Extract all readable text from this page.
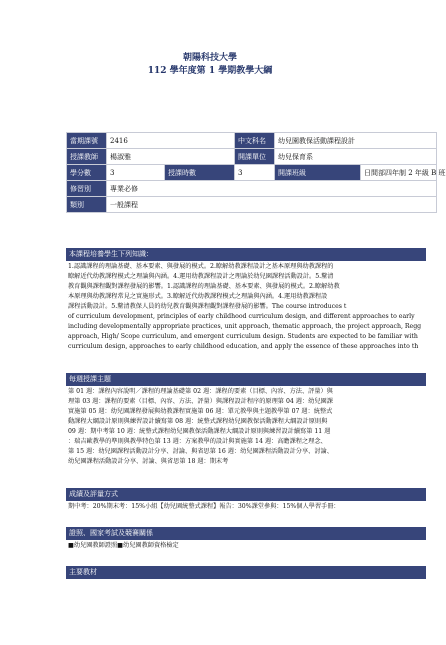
朝陽科技大學
112 學年度第 1 學期教學大綱
當期課號	2416		中文科名	幼兒園教保活動課程設計	
授課教師	楊淑雅		開課單位	幼兒保育系	
學分數	3	授課時數	3	開課班級	日間部四年制 2 年級 B 班
修習別	專業必修				
類別	一般課程				
本課程培養學生下列知識：
1.認識課程的理論基礎、基本要素、與發展的模式。2.瞭解幼教課程設計之基本原理與幼教課程的
瞭解近代幼教課程模式之理論與內涵。4.運用幼教課程設計之理論於幼兒園課程活動設計。5.釐清
教育觀與課程觀對課程發展的影響。1.認識課程的理論基礎、基本要素、與發展的模式。2.瞭解幼教
本原理與幼教課程常見之實施形式。3.瞭解近代幼教課程模式之理論與內涵。4.運用幼教課程設
課程活動設計。5.釐清教保人員的幼兒教育觀與課程觀對課程發展的影響。The course introduces t
of curriculum development, principles of early childhood curriculum design, and different approaches to early
including developmentally appropriate practices, unit approach, thematic approach, the project approach, Regg
approach, High/ Scope curriculum, and emergent curriculum design. Students are expected to be familiar with
curriculum design, approaches to early childhood education, and apply the essence of these approaches into th
每週授課主題
第 01 週：課程內容說明／課程的理論基礎第 02 週：課程的要素（目標、內容、方法、評量）與
理第 03 週：課程的要素（目標、內容、方法、評量）與課程設計程序的原理第 04 週：幼兒園課
實施第 05 週：幼兒園課程發展與幼教課程實施第 06 週：單元教學與主題教學第 07 週：統整式
動課程大綱設計原則與練習設計續寫第 08 週：統整式課程幼兒園教保活動課程大綱設計原則與
09 週：期中考第 10 週：統整式課程幼兒園教保活動課程大綱設計原則與練習設計續寫第 11 週
：瑞吉歐教學的準則與教學特色第 13 週：方案教學的設計與實施第 14 週：高瞻課程之理念、
第 15 週：幼兒園課程活動設計分享、討論、與省思第 16 週：幼兒園課程活動設計分享、討論、
幼兒園課程活動設計分享、討論、與省思第 18 週：期末考
成績及評量方式
期中考：20%期末考：15%小組【幼兒園統整式課程】報告：30%課堂參與：15%個人學習手冊：
證照、國家考試及競賽關係
■幼兒園教師證照■幼兒園教師資格檢定
主要教材
